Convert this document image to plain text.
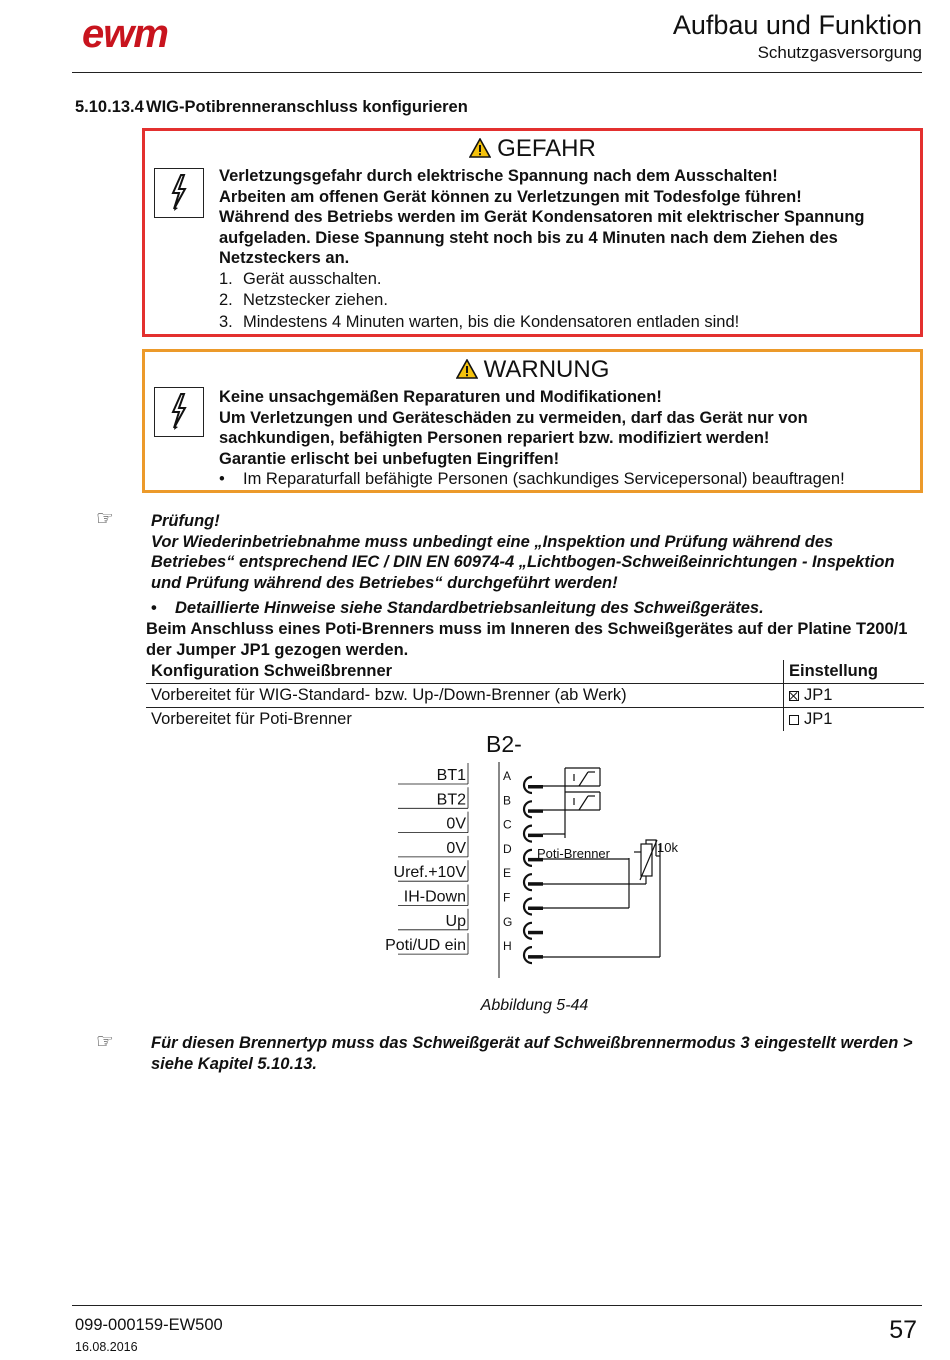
ewm	Aufbau und Funktion
Schutzgasversorgung
5.10.13.4 WIG-Potibrenneranschluss konfigurieren
GEFAHR
Verletzungsgefahr durch elektrische Spannung nach dem Ausschalten!
Arbeiten am offenen Gerät können zu Verletzungen mit Todesfolge führen!
Während des Betriebs werden im Gerät Kondensatoren mit elektrischer Spannung aufgeladen. Diese Spannung steht noch bis zu 4 Minuten nach dem Ziehen des Netzsteckers an.
1. Gerät ausschalten.
2. Netzstecker ziehen.
3. Mindestens 4 Minuten warten, bis die Kondensatoren entladen sind!
WARNUNG
Keine unsachgemäßen Reparaturen und Modifikationen!
Um Verletzungen und Geräteschäden zu vermeiden, darf das Gerät nur von sachkundigen, befähigten Personen repariert bzw. modifiziert werden!
Garantie erlischt bei unbefugten Eingriffen!
•	Im Reparaturfall befähigte Personen (sachkundiges Servicepersonal) beauftragen!
☞ Prüfung!
Vor Wiederinbetriebnahme muss unbedingt eine „Inspektion und Prüfung während des Betriebes“ entsprechend IEC / DIN EN 60974-4 „Lichtbogen-Schweißeinrichtungen - Inspektion und Prüfung während des Betriebes“ durchgeführt werden!
•	Detaillierte Hinweise siehe Standardbetriebsanleitung des Schweißgerätes.
Beim Anschluss eines Poti-Brenners muss im Inneren des Schweißgerätes auf der Platine T200/1 der Jumper JP1 gezogen werden.
Konfiguration Schweißbrenner	Einstellung
Vorbereitet für WIG-Standard- bzw. Up-/Down-Brenner (ab Werk)	JP1
Vorbereitet für Poti-Brenner	JP1
B2-
BT1	A
BT2	B
0V	C
0V	D
Uref.+10V	E
IH-Down	F
Up	G
Poti/UD ein	H
Poti-Brenner	10k
Abbildung 5-44
☞ Für diesen Brennertyp muss das Schweißgerät auf Schweißbrennermodus 3 eingestellt werden > siehe Kapitel 5.10.13.
099-000159-EW500
16.08.2016
57
